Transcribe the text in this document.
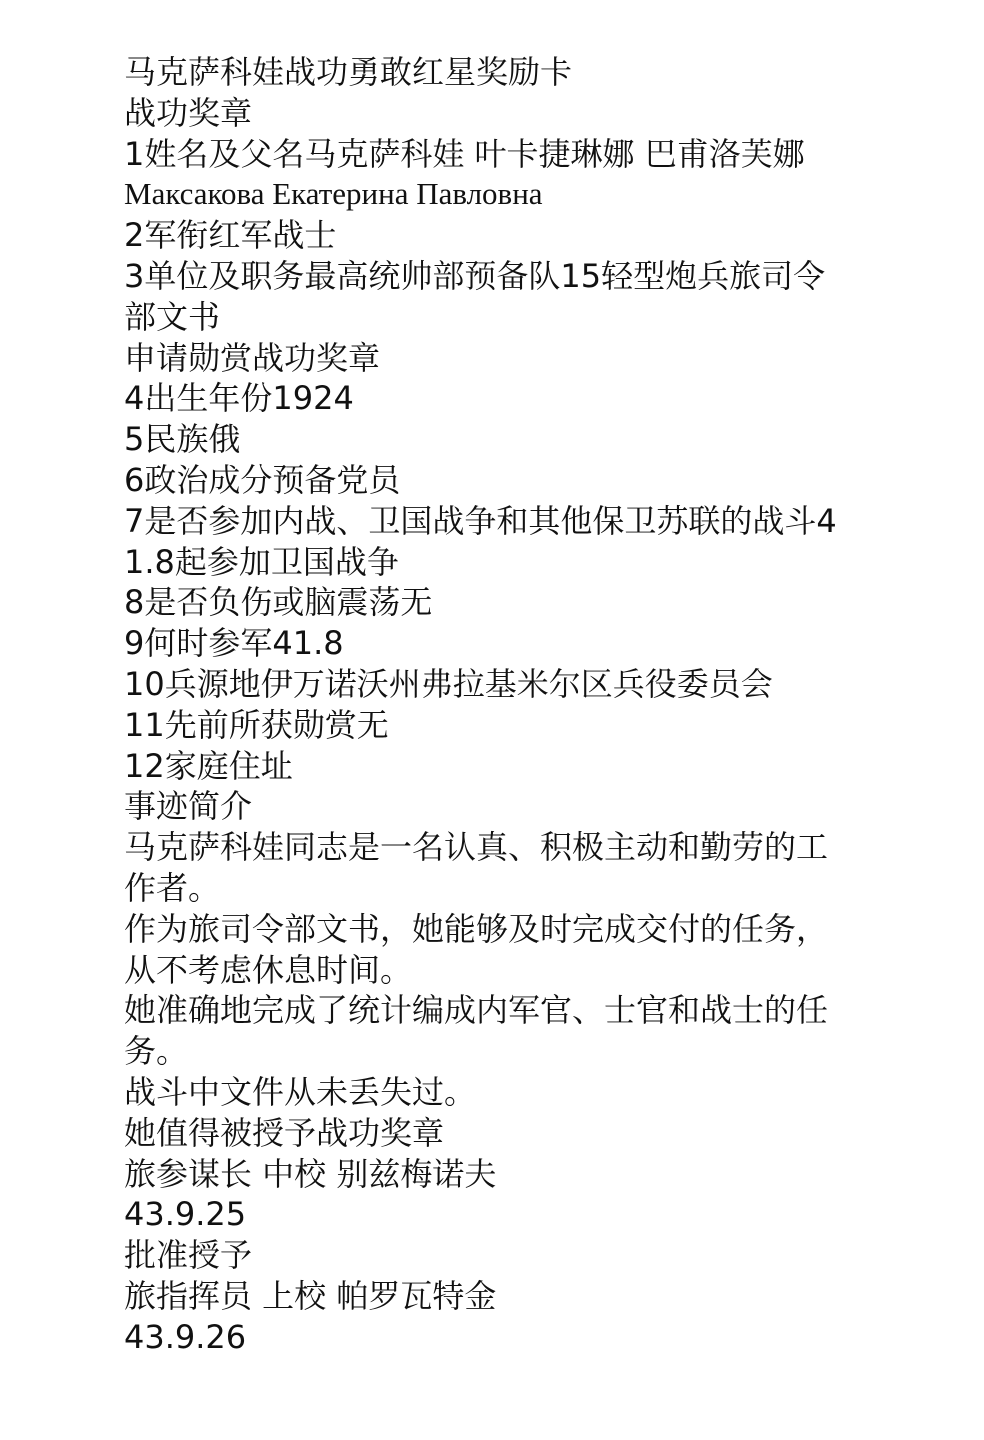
马克萨科娃战功勇敢红星奖励卡

战功奖章

1姓名及父名马克萨科娃 叶卡捷琳娜 巴甫洛芙娜

Максакова Екатерина Павловна

2军衔红军战士

3单位及职务最高统帅部预备队15轻型炮兵旅司令部文书

申请勋赏战功奖章

4出生年份1924

5民族俄

6政治成分预备党员

7是否参加内战、卫国战争和其他保卫苏联的战斗41.8起参加卫国战争

8是否负伤或脑震荡无

9何时参军41.8

10兵源地伊万诺沃州弗拉基米尔区兵役委员会

11先前所获勋赏无

12家庭住址

事迹简介

马克萨科娃同志是一名认真、积极主动和勤劳的工作者。

作为旅司令部文书，她能够及时完成交付的任务，从不考虑休息时间。

她准确地完成了统计编成内军官、士官和战士的任务。

战斗中文件从未丢失过。

她值得被授予战功奖章

旅参谋长 中校 别兹梅诺夫

43.9.25

批准授予

旅指挥员 上校 帕罗瓦特金

43.9.26
